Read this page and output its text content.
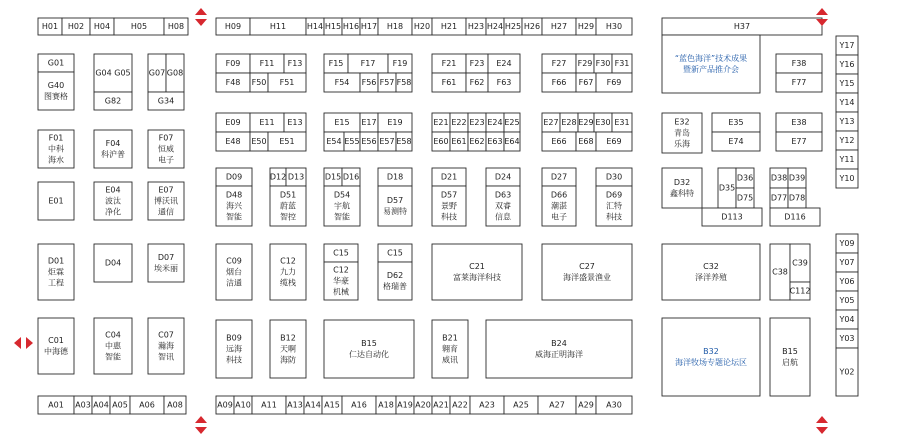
H01 H02 H04	H05	H08	H09	H11	H14 H15 H16 H17 H18 H20 H21 H23 H24 H25 H26 H27 H29 H30	H37
“蓝色海洋”技术成果
暨新产品推介会
Y17
Y16
Y15
Y14
Y13
Y12
Y11
Y10
Y09
Y07
Y06
Y05
Y04
Y03
Y02
G01
G40
图赛格
G04 G05
G82
G07 G08
G34
F01
中科
海水
F04
科沪普
F07
恒威
电子
E01
E04
波汰
净化
E07
博沃讯
通信
D01
炬霖
工程
D04
D07
埃米丽
C01
中海德
C04
中惠
智能
C07
瀚海
智讯
F09 F11 F13
F48 F50 F51
F15 F17 F19
F54 F56 F57 F58
F21 F23 E24
F61 F62 F63
F27 F29 F30 F31
F66 F67 F69
F38
F77
E09 E11 E13
E48 E50 E51
E15 E17 E19
E54 E55 E56 E57 E58
E21 E22 E23 E24 E25
E60 E61 E62 E63 E64
E27 E28 E29 E30 E31
E66 E68 E69
E32
青岛
乐海
E35
E74
E38
E77
D09
D48
海兴
智能
D12 D13
D51
蔚蓝
智控
D15 D16
D54
宇航
智能
D18
D57
易测特
D21
D57
景野
科技
D24
D63
双睿
信息
D27
D66
潮湛
电子
D30
D69
汇特
科技
D32
鑫科特
D35
D36
D75
D113
D38 D39
D77 D78
D116
C09
烟台
洁通
C12
九力
缆栈
C15
C12
华豪
机械
C15
D62
格瑞普
C21
富莱海洋科技
C27
海洋盛景渔业
C32
泽洋养殖
C38
C39
C112
B09
远海
科技
B12
天啊
海防
B15
仁达自动化
B21
翱育
威讯
B24
威海正明海洋	B32
海洋牧场专题论坛区
B15
启航
A01 A03 A04 A05 A06 A08	A09 A10 A11 A13 A14 A15 A16 A18 A19 A20 A21 A22 A23 A25	A27 A29 A30
